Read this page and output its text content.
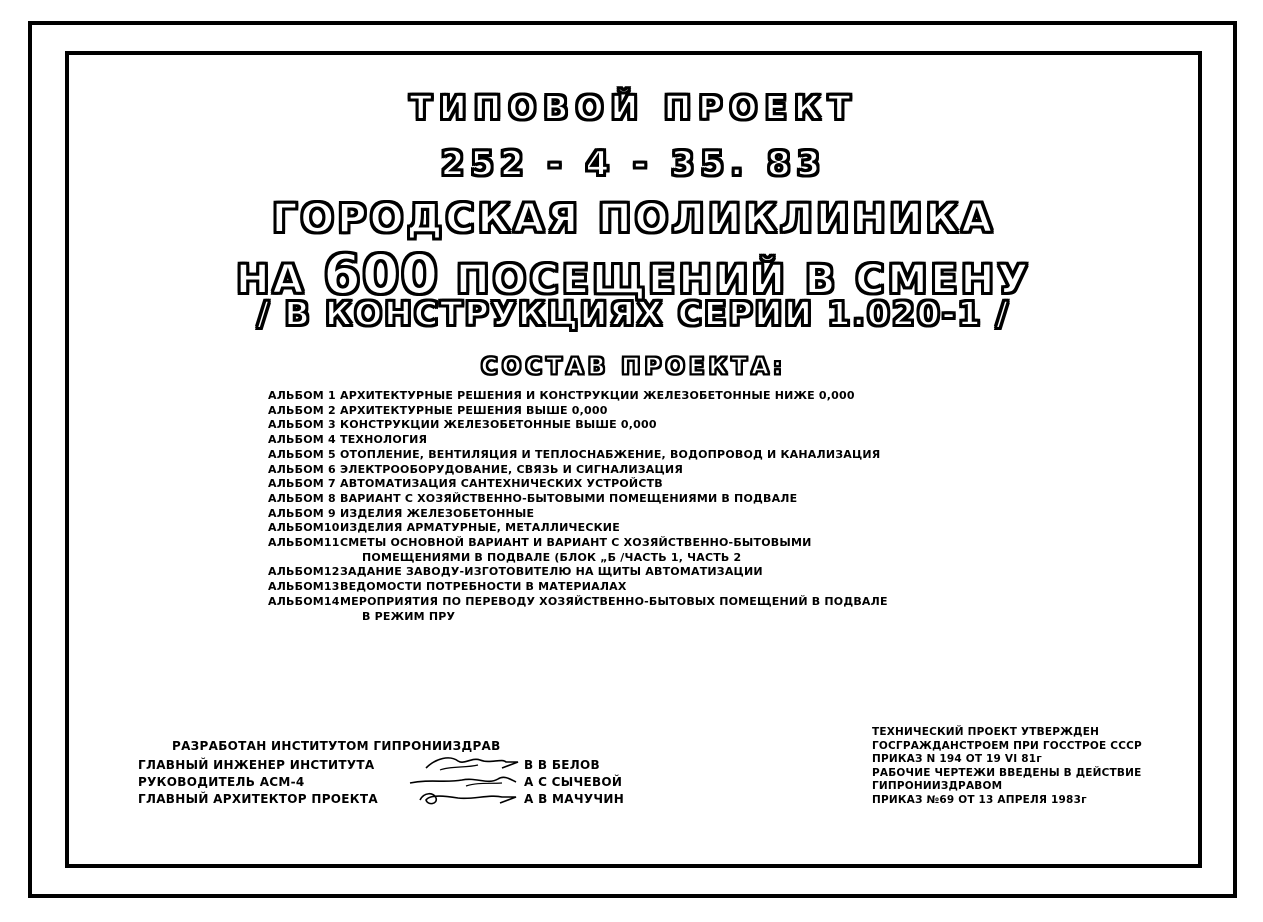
ТИПОВОЙ ПРОЕКТ
252 - 4 - 35. 83
ГОРОДСКАЯ ПОЛИКЛИНИКА
НА 600 ПОСЕЩЕНИЙ В СМЕНУ
/ В КОНСТРУКЦИЯХ СЕРИИ 1.020-1 /
СОСТАВ ПРОЕКТА:
АЛЬБОМ 1 АРХИТЕКТУРНЫЕ РЕШЕНИЯ И КОНСТРУКЦИИ ЖЕЛЕЗОБЕТОННЫЕ НИЖЕ 0,000
АЛЬБОМ 2 АРХИТЕКТУРНЫЕ РЕШЕНИЯ ВЫШЕ 0,000
АЛЬБОМ 3 КОНСТРУКЦИИ ЖЕЛЕЗОБЕТОННЫЕ ВЫШЕ 0,000
АЛЬБОМ 4 ТЕХНОЛОГИЯ
АЛЬБОМ 5 ОТОПЛЕНИЕ, ВЕНТИЛЯЦИЯ И ТЕПЛОСНАБЖЕНИЕ, ВОДОПРОВОД И КАНАЛИЗАЦИЯ
АЛЬБОМ 6 ЭЛЕКТРООБОРУДОВАНИЕ, СВЯЗЬ И СИГНАЛИЗАЦИЯ
АЛЬБОМ 7 АВТОМАТИЗАЦИЯ САНТЕХНИЧЕСКИХ УСТРОЙСТВ
АЛЬБОМ 8 ВАРИАНТ С ХОЗЯЙСТВЕННО-БЫТОВЫМИ ПОМЕЩЕНИЯМИ В ПОДВАЛЕ
АЛЬБОМ 9 ИЗДЕЛИЯ ЖЕЛЕЗОБЕТОННЫЕ
АЛЬБОМ10 ИЗДЕЛИЯ АРМАТУРНЫЕ, МЕТАЛЛИЧЕСКИЕ
АЛЬБОМ11 СМЕТЫ ОСНОВНОЙ ВАРИАНТ И ВАРИАНТ С ХОЗЯЙСТВЕННО-БЫТОВЫМИ
ПОМЕЩЕНИЯМИ В ПОДВАЛЕ (БЛОК „Б /ЧАСТЬ 1, ЧАСТЬ 2
АЛЬБОМ12 ЗАДАНИЕ ЗАВОДУ-ИЗГОТОВИТЕЛЮ НА ЩИТЫ АВТОМАТИЗАЦИИ
АЛЬБОМ13 ВЕДОМОСТИ ПОТРЕБНОСТИ В МАТЕРИАЛАХ
АЛЬБОМ14 МЕРОПРИЯТИЯ ПО ПЕРЕВОДУ ХОЗЯЙСТВЕННО-БЫТОВЫХ ПОМЕЩЕНИЙ В ПОДВАЛЕ
В РЕЖИМ ПРУ
РАЗРАБОТАН ИНСТИТУТОМ ГИПРОНИИЗДРАВ
ГЛАВНЫЙ ИНЖЕНЕР ИНСТИТУТА	В В БЕЛОВ
РУКОВОДИТЕЛЬ АСМ-4	А С СЫЧЕВОЙ
ГЛАВНЫЙ АРХИТЕКТОР ПРОЕКТА	А В МАЧУЧИН
ТЕХНИЧЕСКИЙ ПРОЕКТ УТВЕРЖДЕН
ГОСГРАЖДАНСТРОЕМ ПРИ ГОССТРОЕ СССР
ПРИКАЗ N 194 ОТ 19 VI 81г
РАБОЧИЕ ЧЕРТЕЖИ ВВЕДЕНЫ В ДЕЙСТВИЕ
ГИПРОНИИЗДРАВОМ
ПРИКАЗ №69 ОТ 13 АПРЕЛЯ 1983г
